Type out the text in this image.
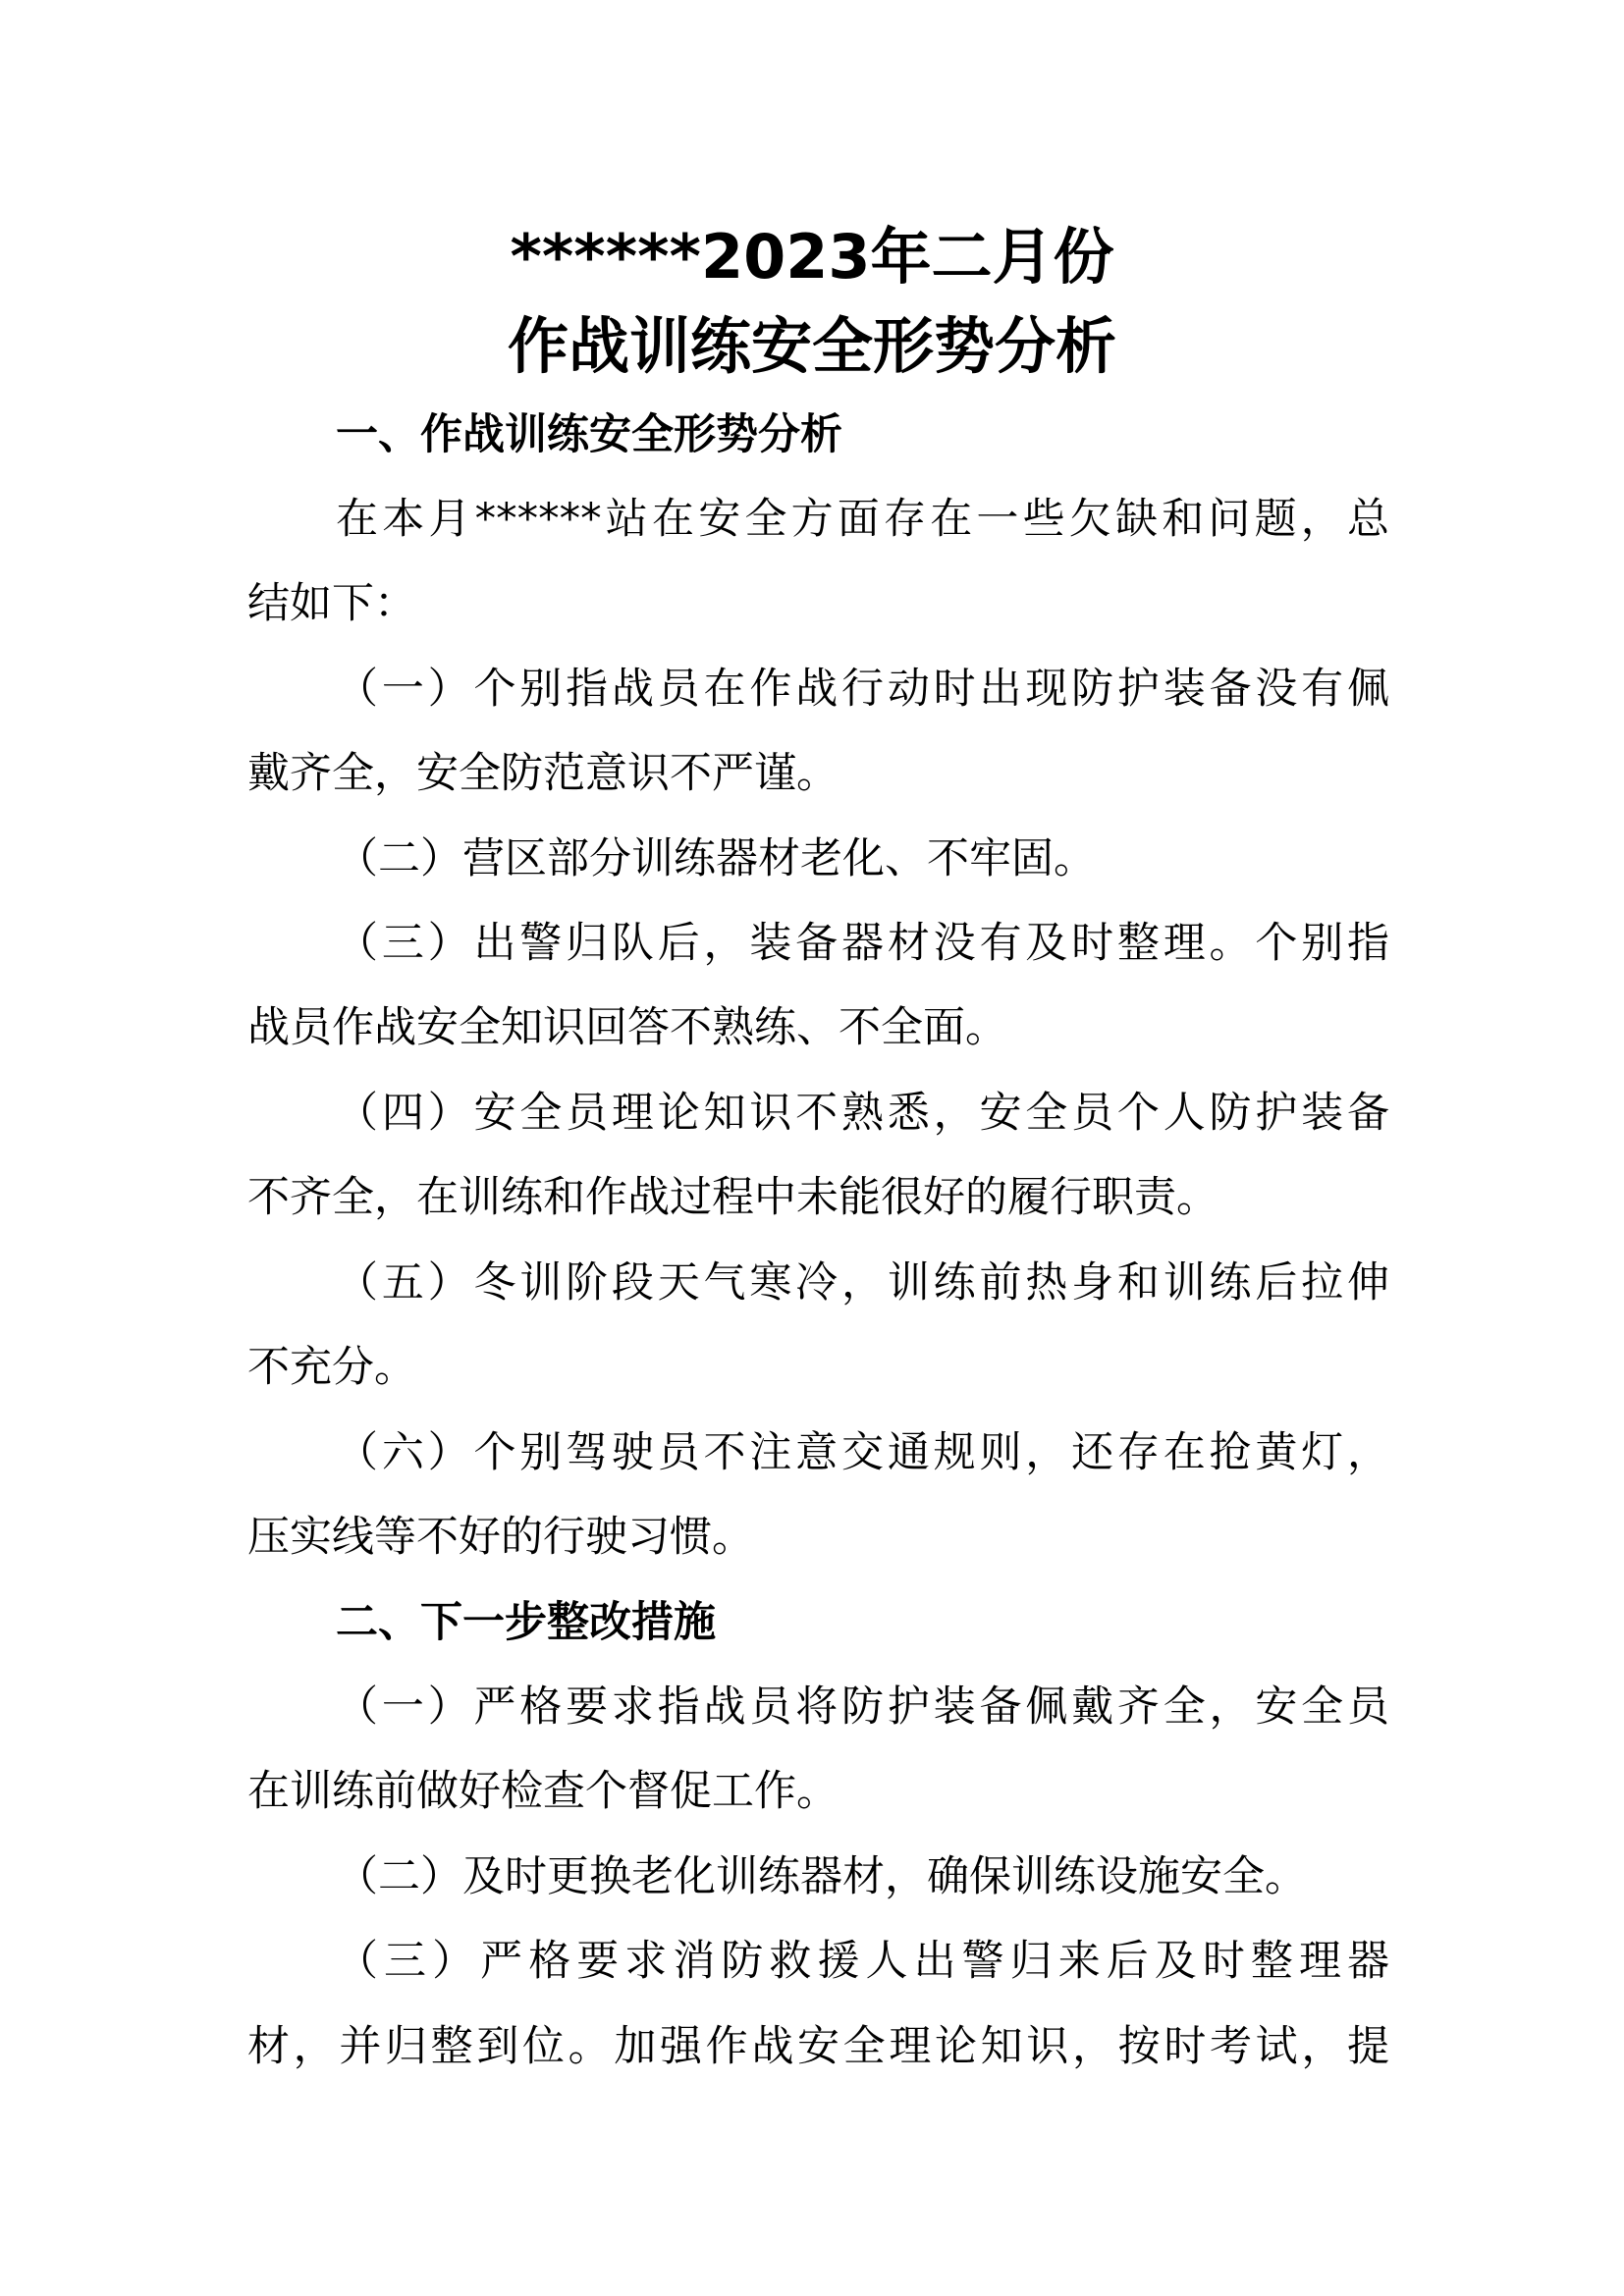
******2023年二月份
作战训练安全形势分析
一、作战训练安全形势分析
在本月******站在安全方面存在一些欠缺和问题，总
结如下：
（一）个别指战员在作战行动时出现防护装备没有佩
戴齐全，安全防范意识不严谨。
（二）营区部分训练器材老化、不牢固。
（三）出警归队后，装备器材没有及时整理。个别指
战员作战安全知识回答不熟练、不全面。
（四）安全员理论知识不熟悉，安全员个人防护装备
不齐全，在训练和作战过程中未能很好的履行职责。
（五）冬训阶段天气寒冷，训练前热身和训练后拉伸
不充分。
（六）个别驾驶员不注意交通规则，还存在抢黄灯，
压实线等不好的行驶习惯。
二、下一步整改措施
（一）严格要求指战员将防护装备佩戴齐全，安全员
在训练前做好检查个督促工作。
（二）及时更换老化训练器材，确保训练设施安全。
（三）严格要求消防救援人出警归来后及时整理器
材，并归整到位。加强作战安全理论知识，按时考试，提
